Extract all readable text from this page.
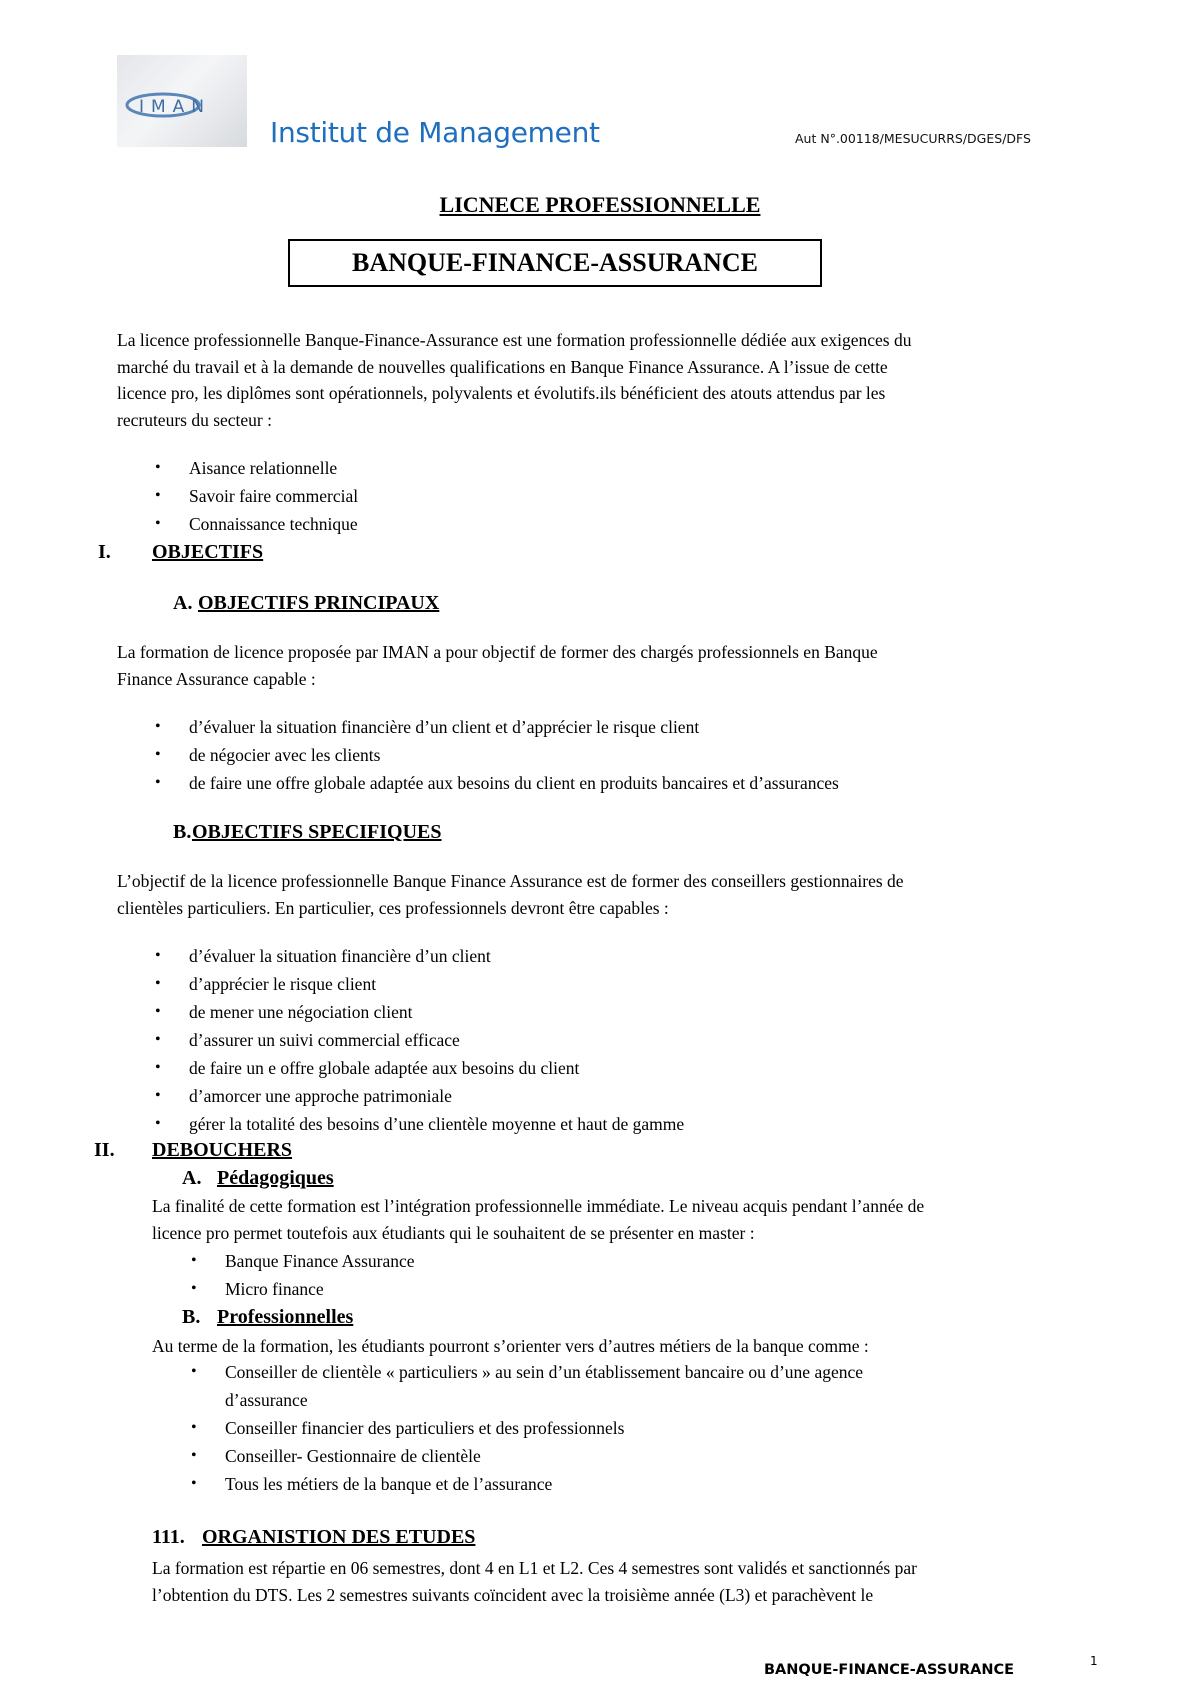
IMAN
Institut de Management	Aut N°.00118/MESUCURRS/DGES/DFS
LICNECE PROFESSIONNELLE
BANQUE-FINANCE-ASSURANCE
La licence professionnelle Banque-Finance-Assurance est une formation professionnelle dédiée aux exigences du
marché du travail et à la demande de nouvelles qualifications en Banque Finance Assurance. A l’issue de cette
licence pro, les diplômes sont opérationnels, polyvalents et évolutifs.ils bénéficient des atouts attendus par les
recruteurs du secteur :
• Aisance relationnelle
• Savoir faire commercial
• Connaissance technique
I. OBJECTIFS
A. OBJECTIFS PRINCIPAUX
La formation de licence proposée par IMAN a pour objectif de former des chargés professionnels en Banque
Finance Assurance capable :
• d’évaluer la situation financière d’un client et d’apprécier le risque client
• de négocier avec les clients
• de faire une offre globale adaptée aux besoins du client en produits bancaires et d’assurances
B. OBJECTIFS SPECIFIQUES
L’objectif de la licence professionnelle Banque Finance Assurance est de former des conseillers gestionnaires de
clientèles particuliers. En particulier, ces professionnels devront être capables :
• d’évaluer la situation financière d’un client
• d’apprécier le risque client
• de mener une négociation client
• d’assurer un suivi commercial efficace
• de faire un e offre globale adaptée aux besoins du client
• d’amorcer une approche patrimoniale
• gérer la totalité des besoins d’une clientèle moyenne et haut de gamme
II. DEBOUCHERS
A. Pédagogiques
La finalité de cette formation est l’intégration professionnelle immédiate. Le niveau acquis pendant l’année de
licence pro permet toutefois aux étudiants qui le souhaitent de se présenter en master :
• Banque Finance Assurance
• Micro finance
B. Professionnelles
Au terme de la formation, les étudiants pourront s’orienter vers d’autres métiers de la banque comme :
• Conseiller de clientèle « particuliers » au sein d’un établissement bancaire ou d’une agence
d’assurance
• Conseiller financier des particuliers et des professionnels
• Conseiller- Gestionnaire de clientèle
• Tous les métiers de la banque et de l’assurance
111. ORGANISTION DES ETUDES
La formation est répartie en 06 semestres, dont 4 en L1 et L2. Ces 4 semestres sont validés et sanctionnés par
l’obtention du DTS. Les 2 semestres suivants coïncident avec la troisième année (L3) et parachèvent le
BANQUE-FINANCE-ASSURANCE
1
